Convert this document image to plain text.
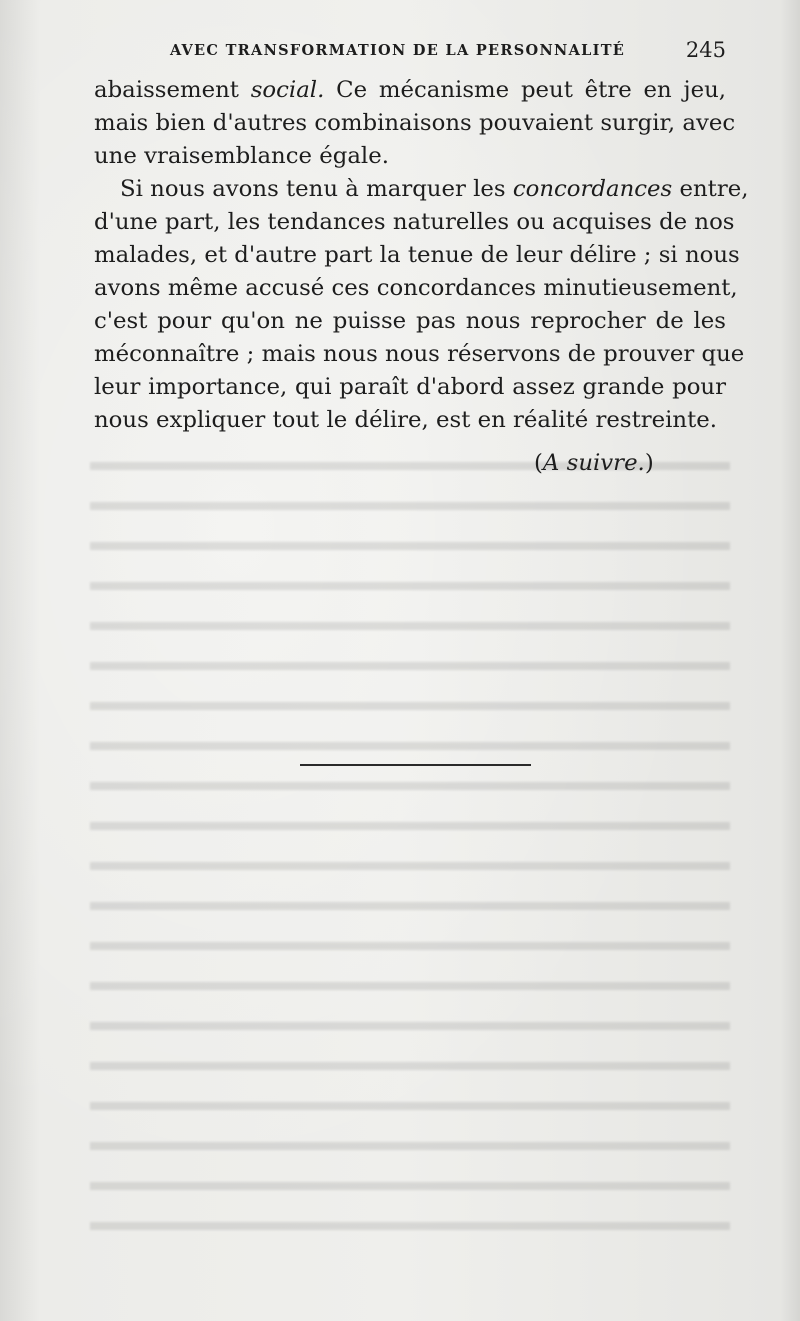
AVEC TRANSFORMATION DE LA PERSONNALITÉ	245
abaissement social. Ce mécanisme peut être en jeu,
mais bien d'autres combinaisons pouvaient surgir, avec
une vraisemblance égale.
Si nous avons tenu à marquer les concordances entre,
d'une part, les tendances naturelles ou acquises de nos
malades, et d'autre part la tenue de leur délire ; si nous
avons même accusé ces concordances minutieusement,
c'est pour qu'on ne puisse pas nous reprocher de les
méconnaître ; mais nous nous réservons de prouver que
leur importance, qui paraît d'abord assez grande pour
nous expliquer tout le délire, est en réalité restreinte.
(A suivre.)
